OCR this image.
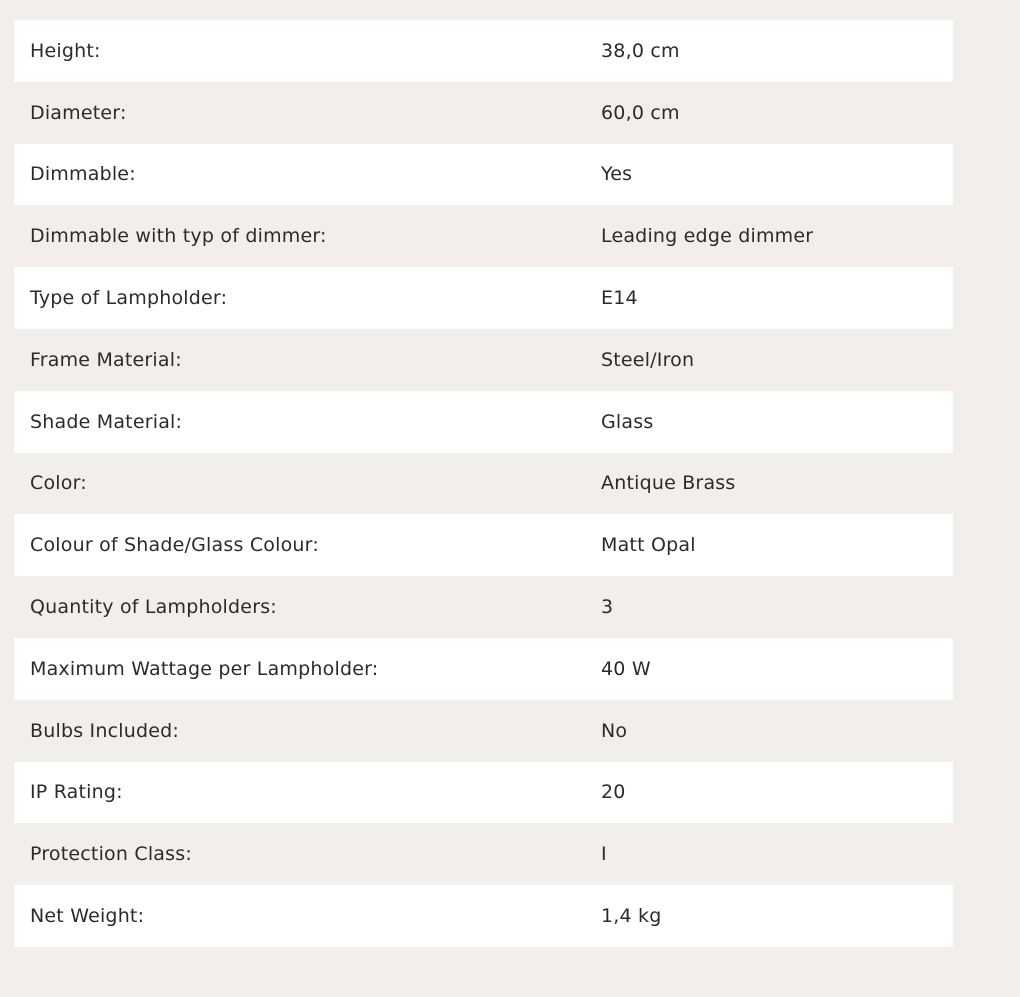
Height:	38,0 cm
Diameter:	60,0 cm
Dimmable:	Yes
Dimmable with typ of dimmer:	Leading edge dimmer
Type of Lampholder:	E14
Frame Material:	Steel/Iron
Shade Material:	Glass
Color:	Antique Brass
Colour of Shade/Glass Colour:	Matt Opal
Quantity of Lampholders:	3
Maximum Wattage per Lampholder:	40 W
Bulbs Included:	No
IP Rating:	20
Protection Class:	I
Net Weight:	1,4 kg
